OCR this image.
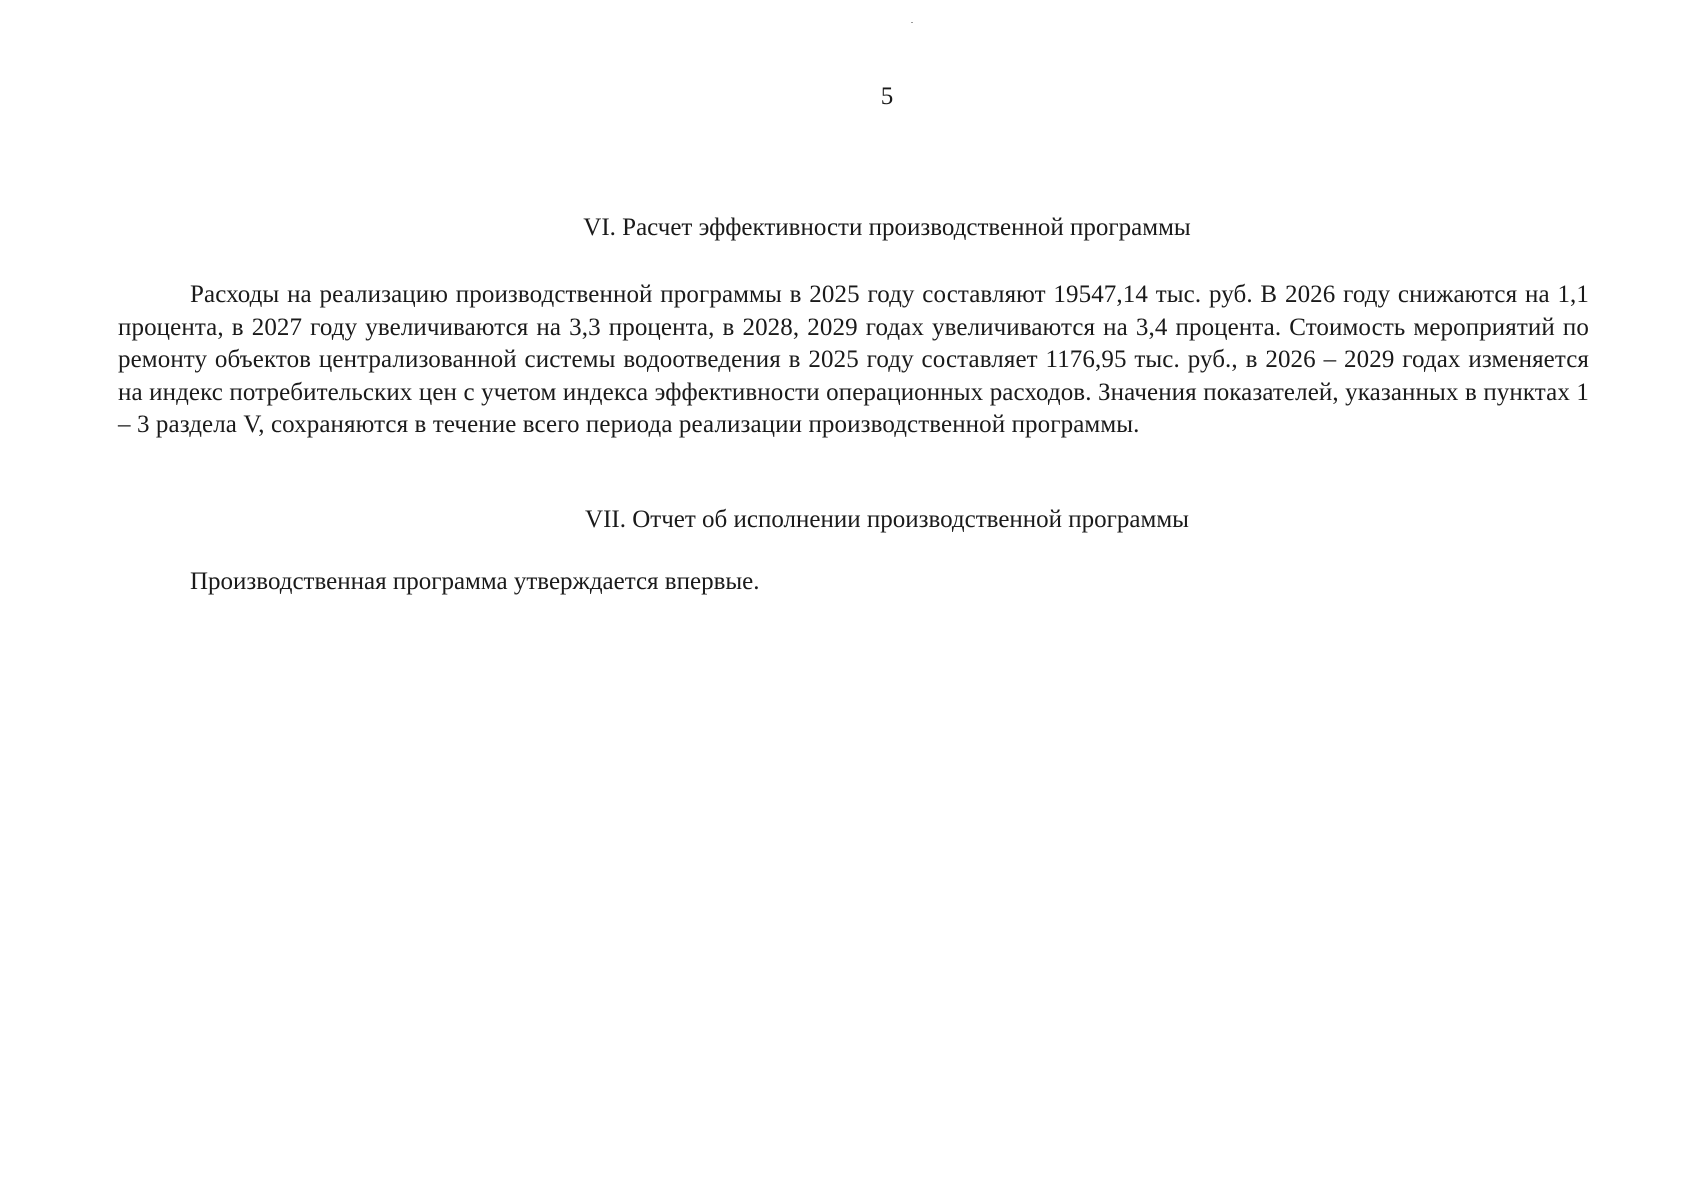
5
VI. Расчет эффективности производственной программы

Расходы на реализацию производственной программы в 2025 году составляют 19547,14 тыс. руб. В 2026 году снижаются на 1,1 процента, в 2027 году увеличиваются на 3,3 процента, в 2028, 2029 годах увеличиваются на 3,4 процента. Стоимость мероприятий по ремонту объектов централизованной системы водоотведения в 2025 году составляет 1176,95 тыс. руб., в 2026 – 2029 годах изменяется на индекс потребительских цен с учетом индекса эффективности операционных расходов. Значения показателей, указанных в пунктах 1 – 3 раздела V, сохраняются в течение всего периода реализации производственной программы.

VII. Отчет об исполнении производственной программы

Производственная программа утверждается впервые.
